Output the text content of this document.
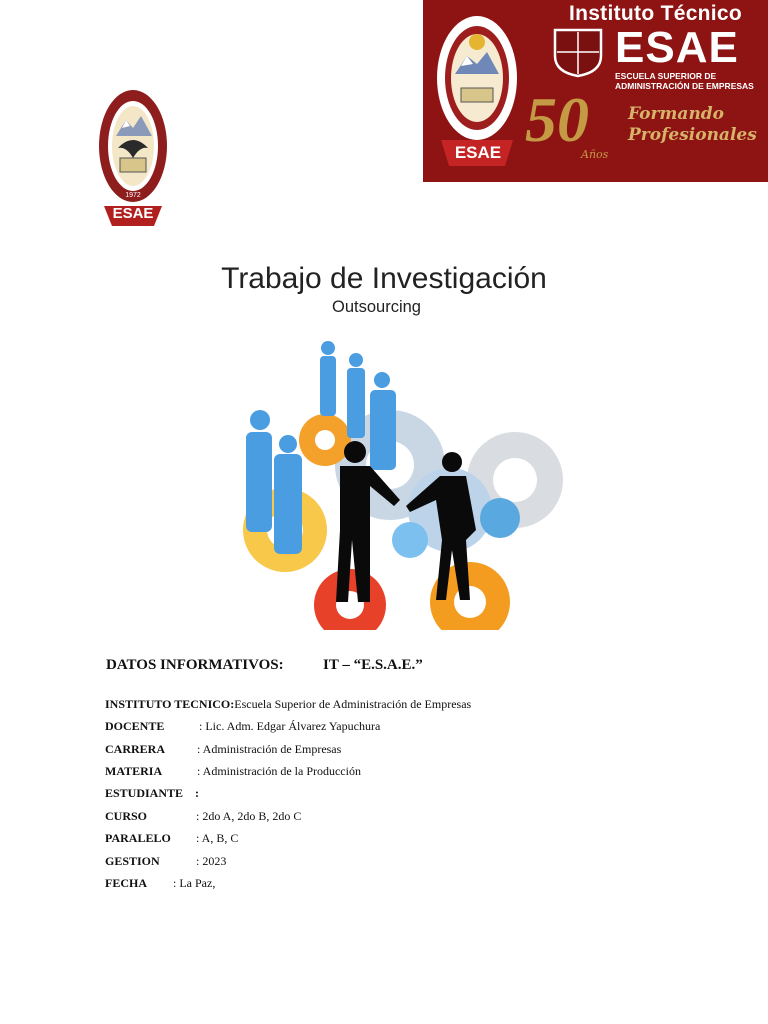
ESAE
1972
ESAE
Instituto Técnico
ESAE
ESCUELA SUPERIOR DE ADMINISTRACIÓN DE EMPRESAS
50
Años
Formando Profesionales
Trabajo de Investigación
Outsourcing
DATOS INFORMATIVOS:	IT – “E.S.A.E.”
INSTITUTO TECNICO:Escuela Superior de Administración de Empresas
DOCENTE	: Lic. Adm. Edgar Álvarez Yapuchura
CARRERA	: Administración de Empresas
MATERIA	: Administración de la Producción
ESTUDIANTE :
CURSO	: 2do A, 2do B, 2do C
PARALELO : A, B, C
GESTION	: 2023
FECHA : La Paz,
